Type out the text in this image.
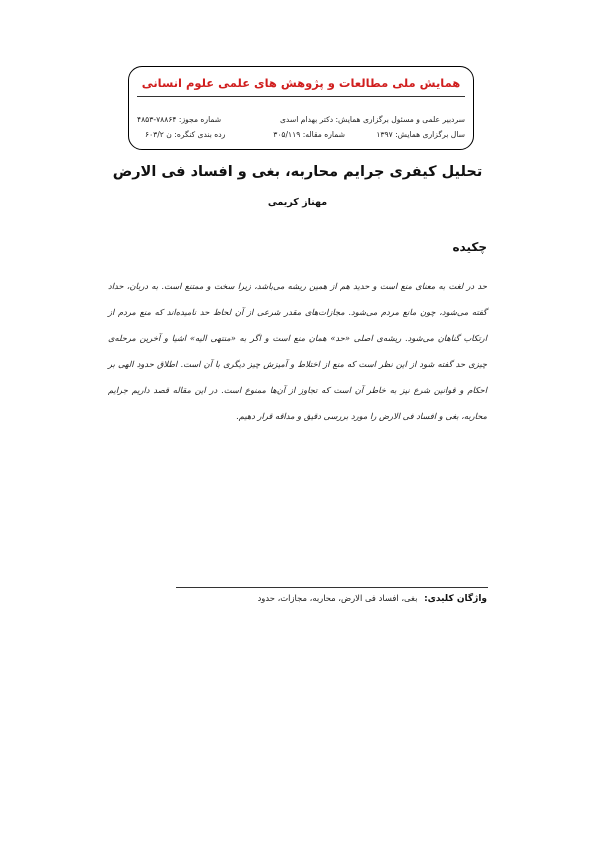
همایش ملی مطالعات و پژوهش های علمی علوم انسانی
سردبیر علمی و مسئول برگزاری همایش: دکتر بهدام اسدی
شماره مجوز: ۷۸۸۶۴-۴۸۵۳
سال برگزاری همایش: ۱۳۹۷
شماره مقاله: ۳۰۵/۱۱۹
رده بندی کنگره: ن ۶۰۳/۲
تحلیل کیفری جرایم محاربه، بغی و افساد فی الارض
مهناز کریمی
چکیده
حد در لغت به معنای منع است و حدید هم از همین ریشه می‌باشد، زیرا سخت و ممتنع است. به دربان، حداد گفته می‌شود، چون مانع مردم می‌شود. مجازات‌های مقدر شرعی از آن لحاظ حد نامیده‌اند که منع مردم از ارتکاب گناهان می‌شود. ریشه‌ی اصلی «حد» همان منع است و اگر به «منتهی الیه» اشیا و آخرین مرحله‌ی چیزی حد گفته شود از این نظر است که منع از اختلاط و آمیزش چیز دیگری با آن است. اطلاق حدود الهی بر احکام و قوانین شرع نیز به خاطر آن است که تجاوز از آن‌ها ممنوع است. در این مقاله قصد داریم جرایم محاربه، بغی و افساد فی الارض را مورد بررسی دقیق و مداقه قرار دهیم.
واژگان کلیدی: بغی، افساد فی الارض، محاربه، مجازات، حدود
